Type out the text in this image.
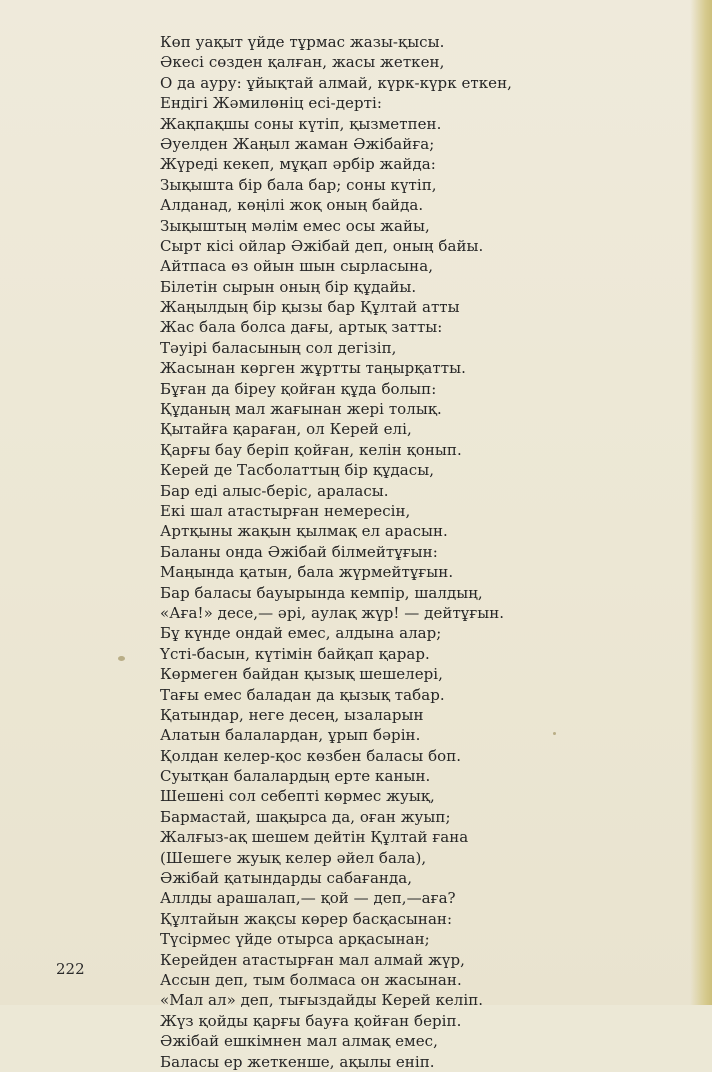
Көп уақыт үйде тұрмас жазы-қысы.
Әкесі сөзден қалған, жасы жеткен,
О да ауру: ұйықтай алмай, күрк-күрк еткен,
Ендігі Жәмилөніц есі-дерті:
Жақпақшы соны күтіп, қызметпен.
Әуелден Жаңыл жаман Әжібайға;
Жүреді кекеп, мұқап әрбір жайда:
Зықышта бір бала бар; соны күтіп,
Алданад, көңілі жоқ оның байда.
Зықыштың мәлім емес осы жайы,
Сырт кісі ойлар Әжібай деп, оның байы.
Айтпаса өз ойын шын сырласына,
Білетін сырын оның бір құдайы.
Жаңылдың бір қызы бар Құлтай атты
Жас бала болса дағы, артық затты:
Тәуірі баласының сол дегізіп,
Жасынан көрген жұртты таңырқатты.
Бұған да біреу қойған құда болып:
Құданың мал жағынан жері толық.
Қытайға қараған, ол Керей елі,
Қарғы бау беріп қойған, келін қонып.
Керей де Тасболаттың бір құдасы,
Бар еді алыс-беріс, араласы.
Екі шал атастырған немересін,
Артқыны жақын қылмақ ел арасын.
Баланы онда Әжібай білмейтұғын:
Маңында қатын, бала жүрмейтұғын.
Бар баласы бауырында кемпір, шалдың,
«Аға!» десе,— әрі, аулақ жүр! — дейтұғын.
Бұ күнде ондай емес, алдына алар;
Үсті-басын, күтімін байқап қарар.
Көрмеген байдан қызық шешелері,
Тағы емес баладан да қызық табар.
Қатындар, неге десең, ызаларын
Алатын балалардан, ұрып бәрін.
Қолдан келер-қос көзбен баласы боп.
Суытқан балалардың ерте канын.
Шешені сол себепті көрмес жуық,
Бармастай, шақырса да, оған жуып;
Жалғыз-ақ шешем дейтін Құлтай ғана
(Шешеге жуық келер әйел бала),
Әжібай қатындарды сабағанда,
Аллды арашалап,— қой — деп,—аға?
Құлтайын жақсы көрер басқасынан:
Түсірмес үйде отырса арқасынан;
Керейден атастырған мал алмай жүр,
Ассын деп, тым болмаса он жасынан.
«Мал ал» деп, тығыздайды Керей келіп.
Жүз қойды қарғы бауға қойған беріп.
Әжібай ешкімнен мал алмақ емес,
Баласы ер жеткенше, ақылы еніп.
222
